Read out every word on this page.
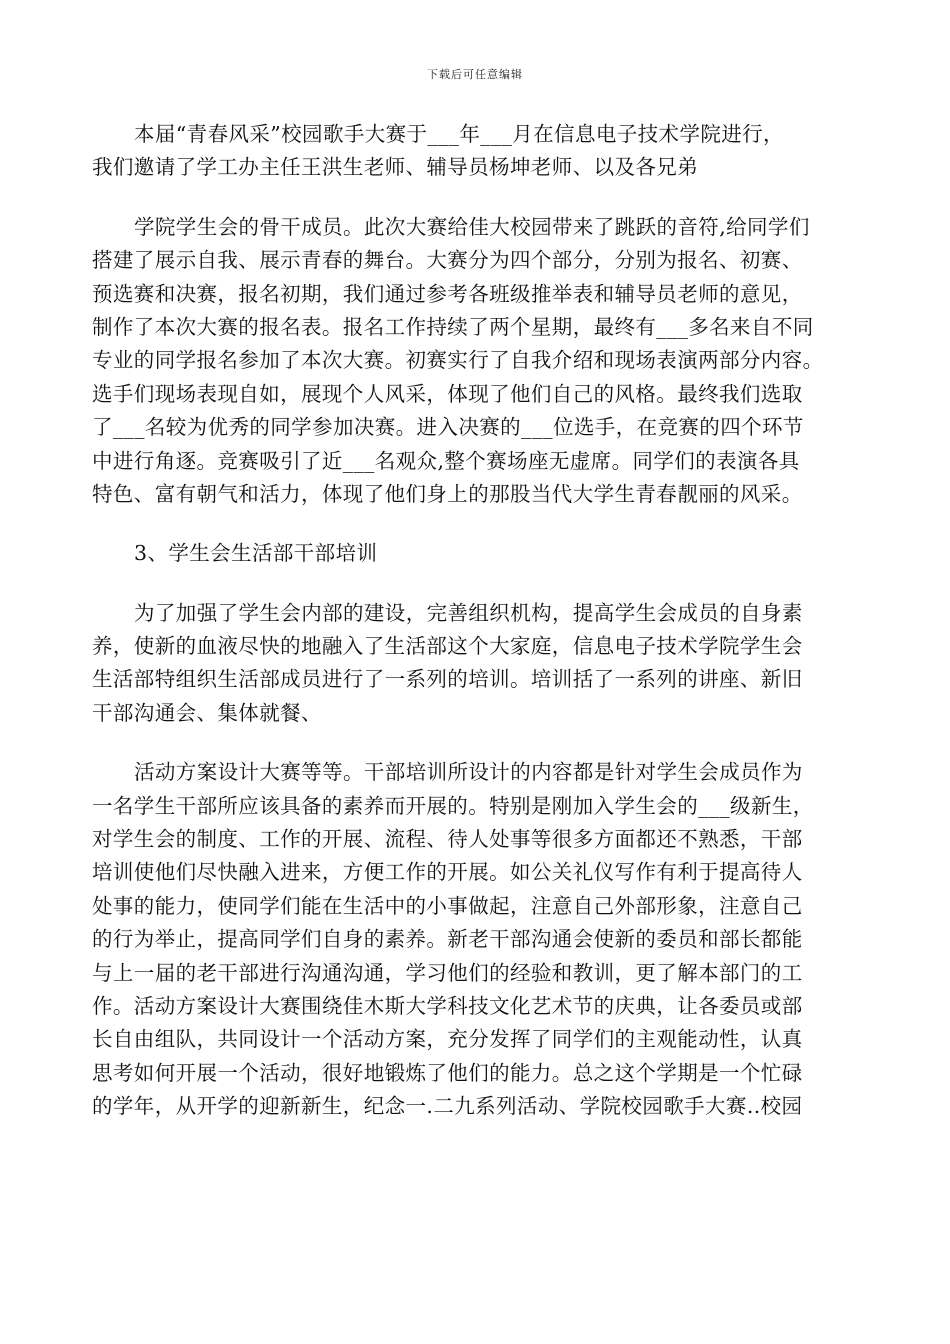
下载后可任意编辑
本届“青春风采”校园歌手大赛于___年___月在信息电子技术学院进行，
我们邀请了学工办主任王洪生老师、辅导员杨坤老师、以及各兄弟
学院学生会的骨干成员。此次大赛给佳大校园带来了跳跃的音符,给同学们
搭建了展示自我、展示青春的舞台。大赛分为四个部分，分别为报名、初赛、
预选赛和决赛，报名初期，我们通过参考各班级推举表和辅导员老师的意见，
制作了本次大赛的报名表。报名工作持续了两个星期，最终有___多名来自不同
专业的同学报名参加了本次大赛。初赛实行了自我介绍和现场表演两部分内容。
选手们现场表现自如，展现个人风采，体现了他们自己的风格。最终我们选取
了___名较为优秀的同学参加决赛。进入决赛的___位选手，在竞赛的四个环节
中进行角逐。竞赛吸引了近___名观众,整个赛场座无虚席。同学们的表演各具
特色、富有朝气和活力，体现了他们身上的那股当代大学生青春靓丽的风采。
3、学生会生活部干部培训
为了加强了学生会内部的建设，完善组织机构，提高学生会成员的自身素
养，使新的血液尽快的地融入了生活部这个大家庭，信息电子技术学院学生会
生活部特组织生活部成员进行了一系列的培训。培训括了一系列的讲座、新旧
干部沟通会、集体就餐、
活动方案设计大赛等等。干部培训所设计的内容都是针对学生会成员作为
一名学生干部所应该具备的素养而开展的。特别是刚加入学生会的___级新生，
对学生会的制度、工作的开展、流程、待人处事等很多方面都还不熟悉，干部
培训使他们尽快融入进来，方便工作的开展。如公关礼仪写作有利于提高待人
处事的能力，使同学们能在生活中的小事做起，注意自己外部形象，注意自己
的行为举止，提高同学们自身的素养。新老干部沟通会使新的委员和部长都能
与上一届的老干部进行沟通沟通，学习他们的经验和教训，更了解本部门的工
作。活动方案设计大赛围绕佳木斯大学科技文化艺术节的庆典，让各委员或部
长自由组队，共同设计一个活动方案，充分发挥了同学们的主观能动性，认真
思考如何开展一个活动，很好地锻炼了他们的能力。总之这个学期是一个忙碌
的学年，从开学的迎新新生，纪念一.二九系列活动、学院校园歌手大赛..校园
